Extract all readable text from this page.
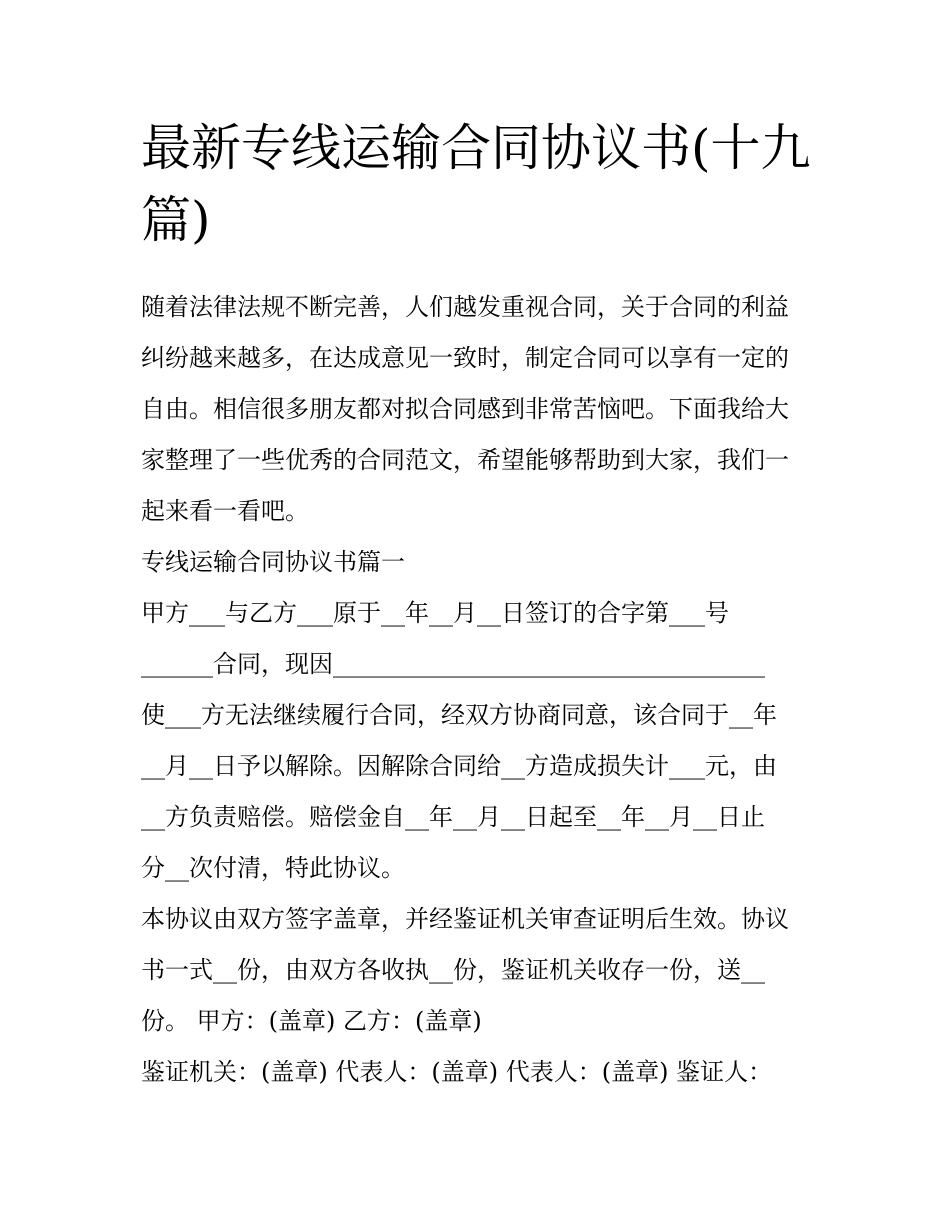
最新专线运输合同协议书(十九
篇)
随着法律法规不断完善，人们越发重视合同，关于合同的利益
纠纷越来越多，在达成意见一致时，制定合同可以享有一定的
自由。相信很多朋友都对拟合同感到非常苦恼吧。下面我给大
家整理了一些优秀的合同范文，希望能够帮助到大家，我们一
起来看一看吧。
专线运输合同协议书篇一
甲方___与乙方___原于__年__月__日签订的合字第___号
______合同，现因____________________________________
使___方无法继续履行合同，经双方协商同意，该合同于__年
__月__日予以解除。因解除合同给__方造成损失计___元，由
__方负责赔偿。赔偿金自__年__月__日起至__年__月__日止
分__次付清，特此协议。
本协议由双方签字盖章，并经鉴证机关审查证明后生效。协议
书一式__份，由双方各收执__份，鉴证机关收存一份，送__
份。 甲方：(盖章) 乙方：(盖章)
鉴证机关：(盖章) 代表人：(盖章) 代表人：(盖章) 鉴证人：
